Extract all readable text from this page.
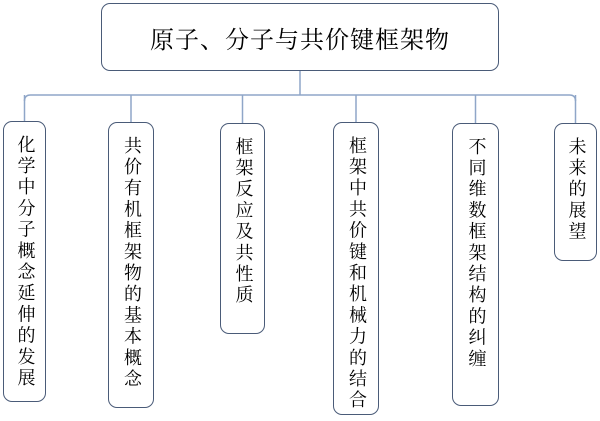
原子、分子与共价键框架物
化学中分子概念延伸的发展	共价有机框架物的基本概念	框架反应及共性质	框架中共价键和机械力的结合	不同维数框架结构的纠缠	未来的展望
